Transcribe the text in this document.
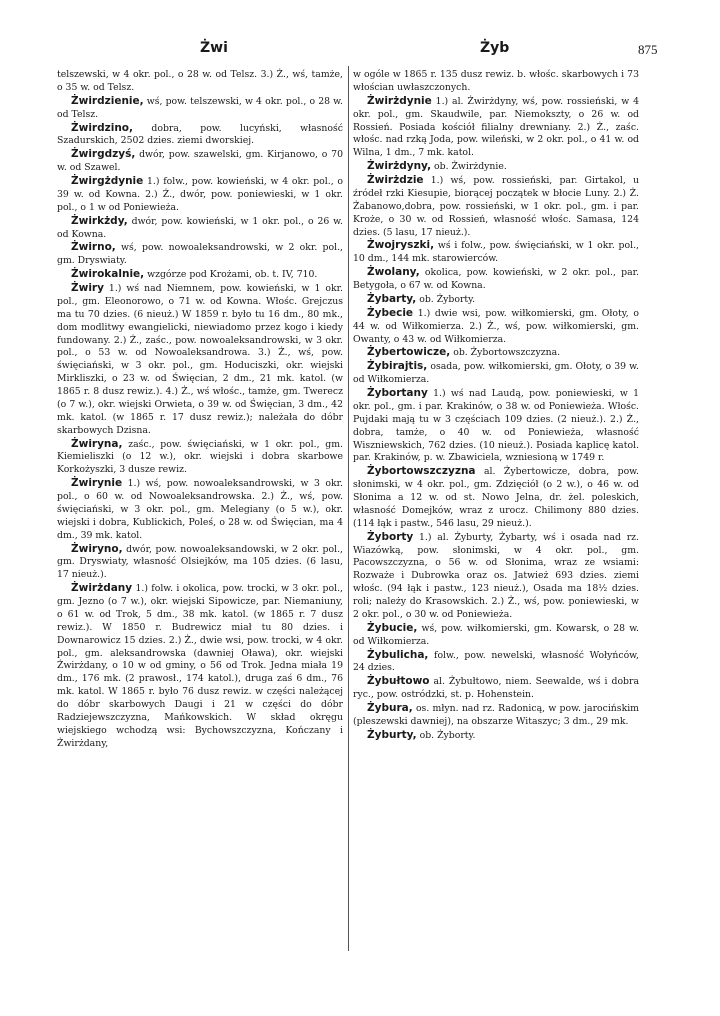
Żwi	Żyb	875

telszewski, w 4 okr. pol., o 28 w. od Telsz. 3.) Ż., wś, tamże, o 35 w. od Telsz.

Żwirdzienie, wś, pow. telszewski, w 4 okr. pol., o 28 w. od Telsz.

Żwirdzino, dobra, pow. lucyński, własność Szadurskich, 2502 dzies. ziemi dworskiej.

Żwirgdzyś, dwór, pow. szawelski, gm. Kirjanowo, o 70 w. od Szawel.

Żwirgżdynie 1.) folw., pow. kowieński, w 4 okr. pol., o 39 w. od Kowna. 2.) Ż., dwór, pow. poniewieski, w 1 okr. pol., o 1 w od Poniewieża.

Żwirkżdy, dwór, pow. kowieński, w 1 okr. pol., o 26 w. od Kowna.

Żwirno, wś, pow. nowoaleksandrowski, w 2 okr. pol., gm. Dryswiaty.

Żwirokalnie, wzgórze pod Krożami, ob. t. IV, 710.

Żwiry 1.) wś nad Niemnem, pow. kowieński, w 1 okr. pol., gm. Eleonorowo, o 71 w. od Kowna. Włośc. Grejczus ma tu 70 dzies. (6 nieuż.) W 1859 r. było tu 16 dm., 80 mk., dom modlitwy ewangielicki, niewiadomo przez kogo i kiedy fundowany. 2.) Ż., zaśc., pow. nowoaleksandrowski, w 3 okr. pol., o 53 w. od Nowoaleksandrowa. 3.) Ż., wś, pow. święciański, w 3 okr. pol., gm. Hoduciszki, okr. wiejski Mirkliszki, o 23 w. od Święcian, 2 dm., 21 mk. katol. (w 1865 r. 8 dusz rewiz.). 4.) Ż., wś włośc., tamże, gm. Twerecz (o 7 w.), okr. wiejski Orwieta, o 39 w. od Święcian, 3 dm., 42 mk. katol. (w 1865 r. 17 dusz rewiz.); należała do dóbr skarbowych Dzisna.

Żwiryna, zaśc., pow. święciański, w 1 okr. pol., gm. Kiemieliszki (o 12 w.), okr. wiejski i dobra skarbowe Korkożyszki, 3 dusze rewiz.

Żwirynie 1.) wś, pow. nowoaleksandrowski, w 3 okr. pol., o 60 w. od Nowoaleksandrowska. 2.) Ż., wś, pow. święciański, w 3 okr. pol., gm. Melegiany (o 5 w.), okr. wiejski i dobra, Kublickich, Poleś, o 28 w. od Święcian, ma 4 dm., 39 mk. katol.

Żwiryno, dwór, pow. nowoaleksandowski, w 2 okr. pol., gm. Dryswiaty, własność Olsiejków, ma 105 dzies. (6 lasu, 17 nieuż.).

Żwirżdany 1.) folw. i okolica, pow. trocki, w 3 okr. pol., gm. Jezno (o 7 w.), okr. wiejski Sipowicze, par. Niemaniuny, o 61 w. od Trok, 5 dm., 38 mk. katol. (w 1865 r. 7 dusz rewiz.). W 1850 r. Budrewicz miał tu 80 dzies. i Downarowicz 15 dzies. 2.) Ż., dwie wsi, pow. trocki, w 4 okr. pol., gm. aleksandrowska (dawniej Oława), okr. wiejski Żwirżdany, o 10 w od gminy, o 56 od Trok. Jedna miała 19 dm., 176 mk. (2 prawosł., 174 katol.), druga zaś 6 dm., 76 mk. katol. W 1865 r. było 76 dusz rewiz. w części należącej do dóbr skarbowych Daugi i 21 w części do dóbr Radziejewszczyzna, Mańkowskich. W skład okręgu wiejskiego wchodzą wsi: Bychowszczyzna, Kończany i Żwirżdany,

w ogóle w 1865 r. 135 dusz rewiz. b. włośc. skarbowych i 73 włościan uwłaszczonych.

Żwirżdynie 1.) al. Żwirżdyny, wś, pow. rossieński, w 4 okr. pol., gm. Skaudwile, par. Niemokszty, o 26 w. od Rossień. Posiada kościół filialny drewniany. 2.) Ż., zaśc. włośc. nad rzką Joda, pow. wileński, w 2 okr. pol., o 41 w. od Wilna, 1 dm., 7 mk. katol.

Żwirżdyny, ob. Żwirżdynie.

Żwirżdzie 1.) wś, pow. rossieński, par. Girtakol, u źródeł rzki Kiesupie, biorącej początek w błocie Luny. 2.) Ż. Żabanowo,dobra, pow. rossieński, w 1 okr. pol., gm. i par. Kroże, o 30 w. od Rossień, własność włośc. Samasa, 124 dzies. (5 lasu, 17 nieuż.).

Żwojryszki, wś i folw., pow. święciański, w 1 okr. pol., 10 dm., 144 mk. starowierców.

Żwolany, okolica, pow. kowieński, w 2 okr. pol., par. Betygoła, o 67 w. od Kowna.

Żybarty, ob. Żyborty.

Żybecie 1.) dwie wsi, pow. wiłkomierski, gm. Ołoty, o 44 w. od Wiłkomierza. 2.) Ż., wś, pow. wiłkomierski, gm. Owanty, o 43 w. od Wiłkomierza.

Żybertowicze, ob. Żybortowszczyzna.

Żybirajtis, osada, pow. wiłkomierski, gm. Ołoty, o 39 w. od Wiłkomierza.

Żybortany 1.) wś nad Laudą, pow. poniewieski, w 1 okr. pol., gm. i par. Krakinów, o 38 w. od Poniewieża. Włośc. Pujdaki mają tu w 3 częściach 109 dzies. (2 nieuż.). 2.) Ż., dobra, tamże, o 40 w. od Poniewieża, własność Wiszniewskich, 762 dzies. (10 nieuż.). Posiada kaplicę katol. par. Krakinów, p. w. Zbawiciela, wzniesioną w 1749 r.

Żybortowszczyzna al. Żybertowicze, dobra, pow. słonimski, w 4 okr. pol., gm. Zdzięciół (o 2 w.), o 46 w. od Słonima a 12 w. od st. Nowo Jelna, dr. żel. poleskich, własność Domejków, wraz z urocz. Chilimony 880 dzies. (114 łąk i pastw., 546 lasu, 29 nieuż.).

Żyborty 1.) al. Żyburty, Żybarty, wś i osada nad rz. Wiazówką, pow. słonimski, w 4 okr. pol., gm. Pacowszczyzna, o 56 w. od Słonima, wraz ze wsiami: Rozważe i Dubrowka oraz os. Jatwież 693 dzies. ziemi włośc. (94 łąk i pastw., 123 nieuż.), Osada ma 18½ dzies. roli; należy do Krasowskich. 2.) Ż., wś, pow. poniewieski, w 2 okr. pol., o 30 w. od Poniewieża.

Żybucie, wś, pow. wiłkomierski, gm. Kowarsk, o 28 w. od Wiłkomierza.

Żybulicha, folw., pow. newelski, własność Wołyńców, 24 dzies.

Żybułtowo al. Żybułtowo, niem. Seewalde, wś i dobra ryc., pow. ostródzki, st. p. Hohenstein.

Żybura, os. młyn. nad rz. Radonicą, w pow. jarocińskim (pleszewski dawniej), na obszarze Witaszyc; 3 dm., 29 mk.

Żyburty, ob. Żyborty.
